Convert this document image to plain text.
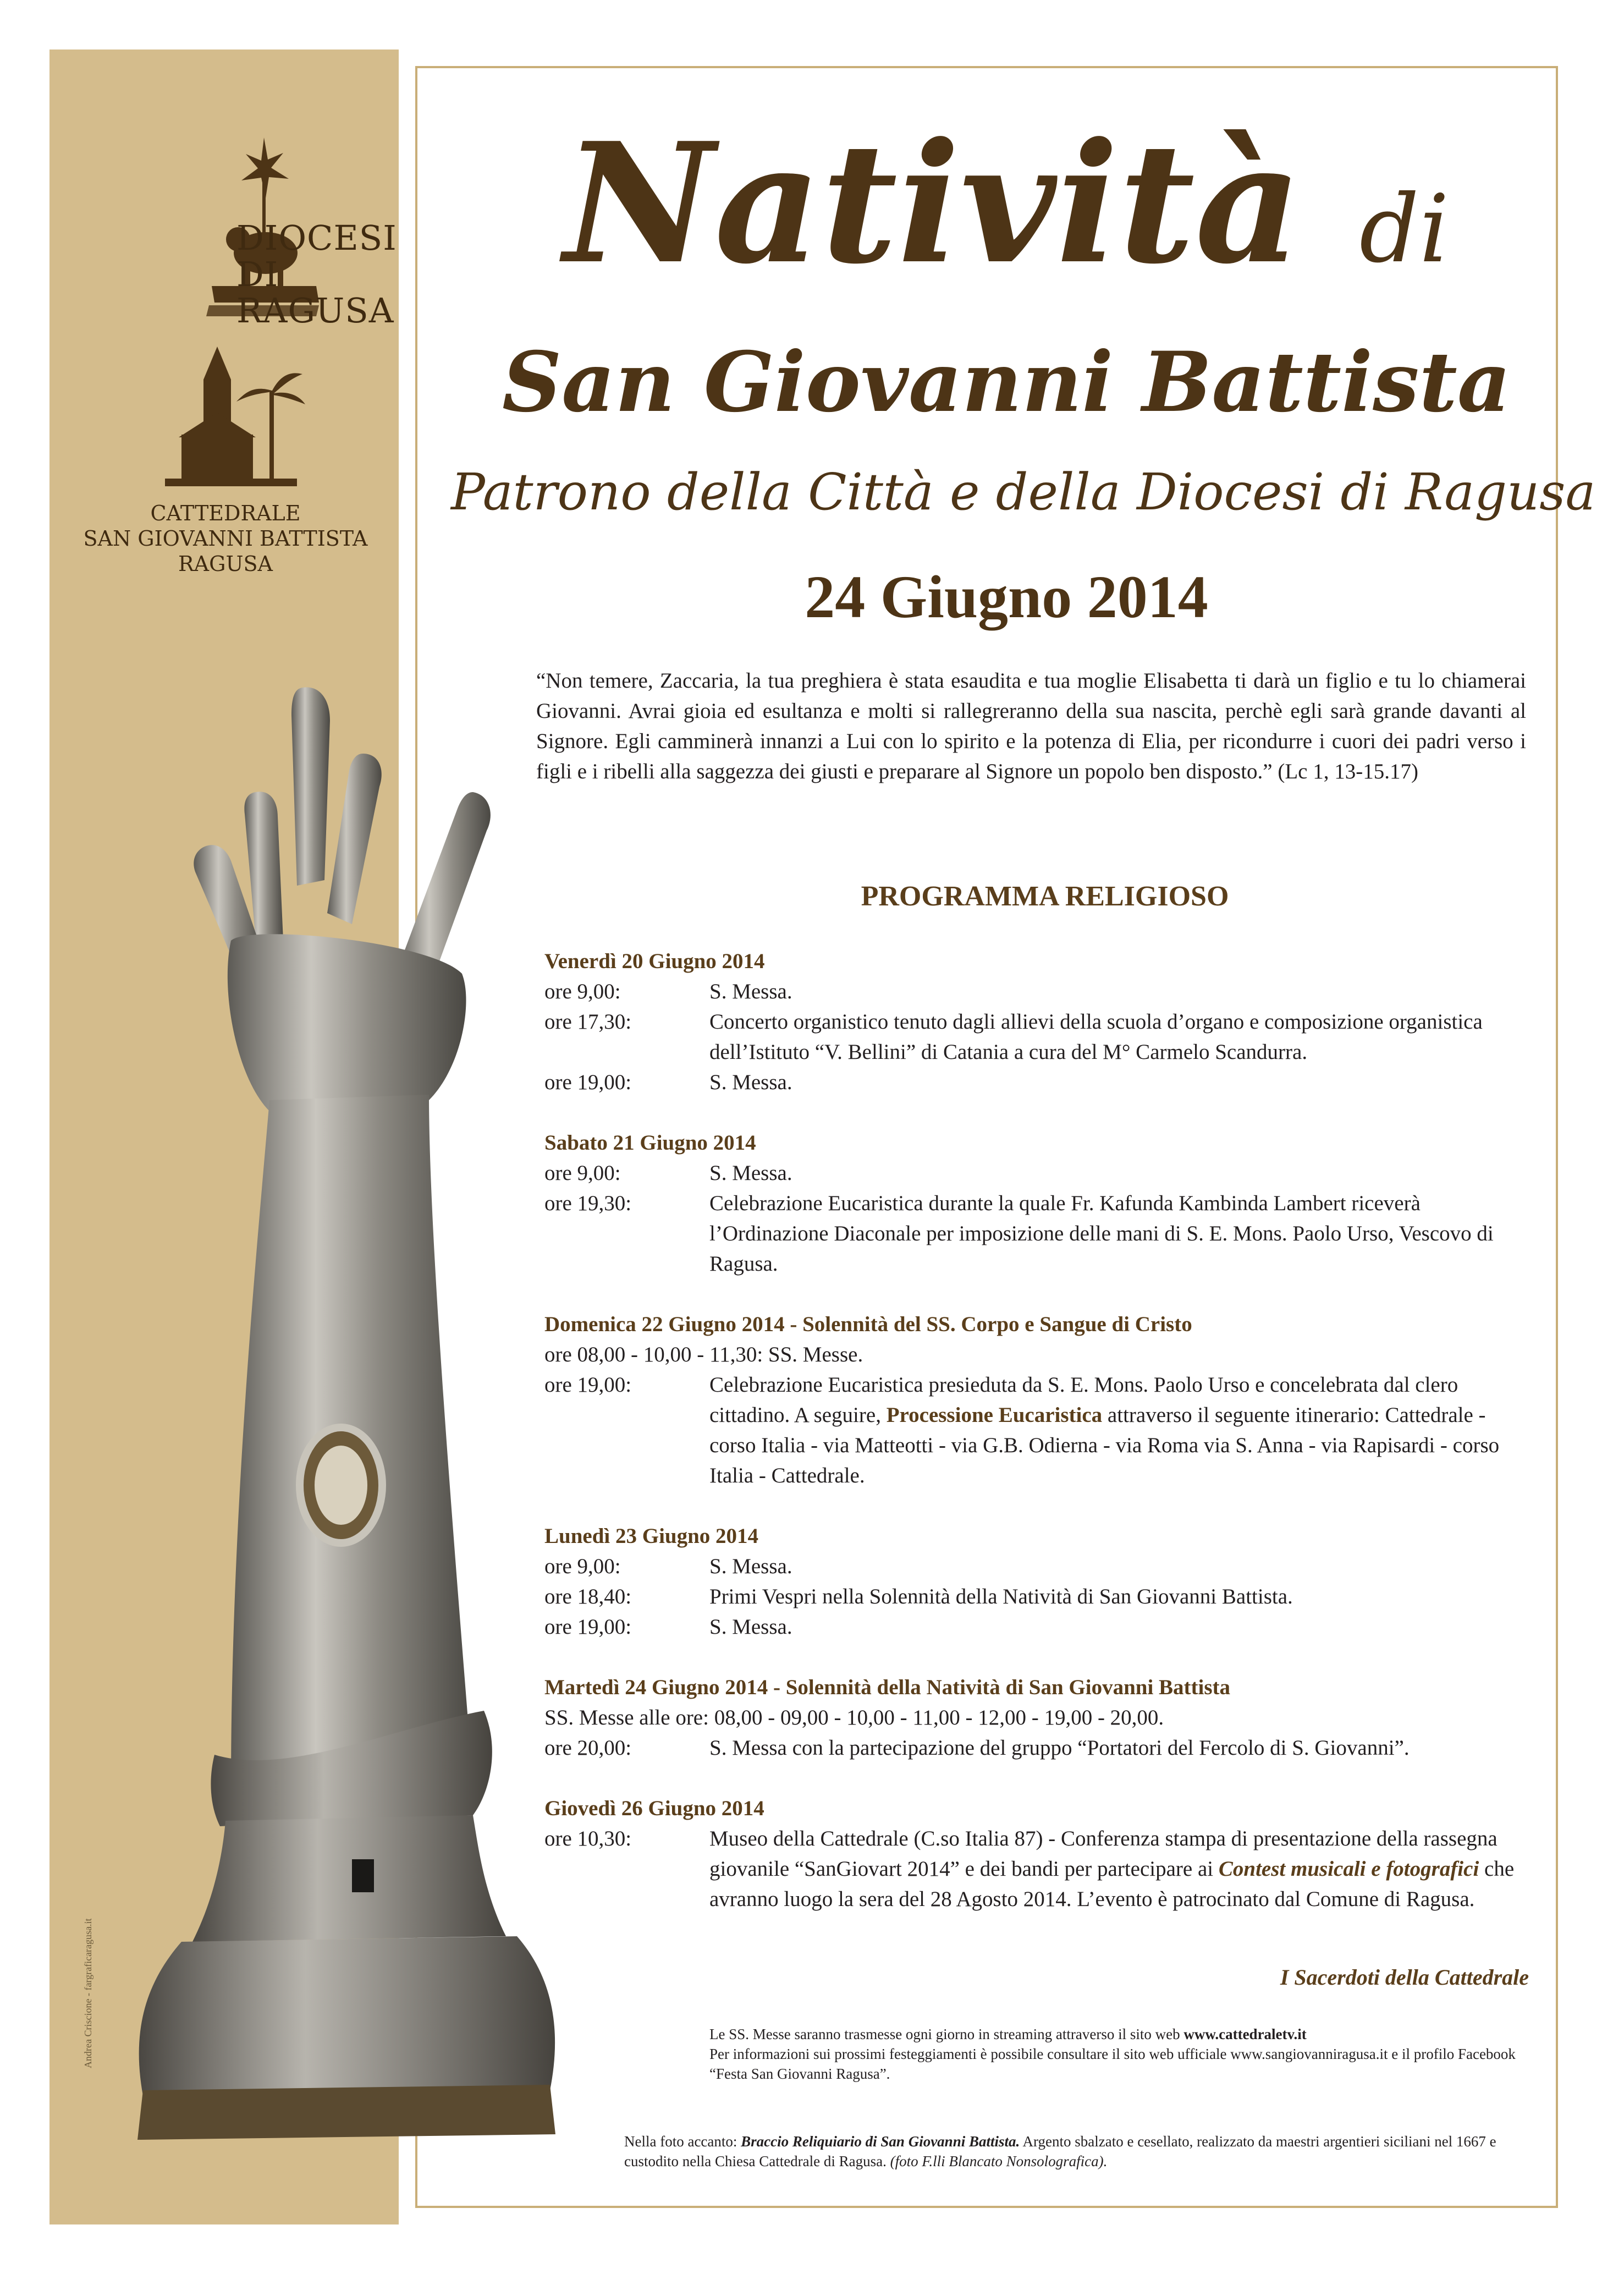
DIOCESI
DI RAGUSA
CATTEDRALE
SAN GIOVANNI BATTISTA
RAGUSA
Andrea Criscione - fargraficaragusa.it
Natività di
San Giovanni Battista
Patrono della Città e della Diocesi di Ragusa
24 Giugno 2014
“Non temere, Zaccaria, la tua preghiera è stata esaudita e tua moglie Elisabetta ti darà un figlio e tu lo chiamerai Giovanni. Avrai gioia ed esultanza e molti si rallegreranno della sua nascita, perchè egli sarà grande davanti al Signore. Egli camminerà innanzi a Lui con lo spirito e la potenza di Elia, per ricondurre i cuori dei padri verso i figli e i ribelli alla saggezza dei giusti e preparare al Signore un popolo ben disposto.” (Lc 1, 13-15.17)
PROGRAMMA RELIGIOSO
Venerdì 20 Giugno 2014
ore 9,00:	S. Messa.
ore 17,30:	Concerto organistico tenuto dagli allievi della scuola d’organo e composizione organistica dell’Istituto “V. Bellini” di Catania a cura del M° Carmelo Scandurra.
ore 19,00:	S. Messa.
Sabato 21 Giugno 2014
ore 9,00:	S. Messa.
ore 19,30:	Celebrazione Eucaristica durante la quale Fr. Kafunda Kambinda Lambert riceverà l’Ordinazione Diaconale per imposizione delle mani di S. E. Mons. Paolo Urso, Vescovo di Ragusa.
Domenica 22 Giugno 2014 - Solennità del SS. Corpo e Sangue di Cristo
ore 08,00 - 10,00 - 11,30: SS. Messe.
ore 19,00:	Celebrazione Eucaristica presieduta da S. E. Mons. Paolo Urso e concelebrata dal clero cittadino. A seguire, Processione Eucaristica attraverso il seguente itinerario: Cattedrale - corso Italia - via Matteotti - via G.B. Odierna - via Roma via S. Anna - via Rapisardi - corso Italia - Cattedrale.
Lunedì 23 Giugno 2014
ore 9,00:	S. Messa.
ore 18,40:	Primi Vespri nella Solennità della Natività di San Giovanni Battista.
ore 19,00:	S. Messa.
Martedì 24 Giugno 2014 - Solennità della Natività di San Giovanni Battista
SS. Messe alle ore: 08,00 - 09,00 - 10,00 - 11,00 - 12,00 - 19,00 - 20,00.
ore 20,00:	S. Messa con la partecipazione del gruppo “Portatori del Fercolo di S. Giovanni”.
Giovedì 26 Giugno 2014
ore 10,30:	Museo della Cattedrale (C.so Italia 87) - Conferenza stampa di presentazione della rassegna giovanile “SanGiovart 2014” e dei bandi per partecipare ai Contest musicali e fotografici che avranno luogo la sera del 28 Agosto 2014. L’evento è patrocinato dal Comune di Ragusa.
I Sacerdoti della Cattedrale
Le SS. Messe saranno trasmesse ogni giorno in streaming attraverso il sito web www.cattedraletv.it
Per informazioni sui prossimi festeggiamenti è possibile consultare il sito web ufficiale www.sangiovanniragusa.it e il profilo Facebook “Festa San Giovanni Ragusa”.
Nella foto accanto: Braccio Reliquiario di San Giovanni Battista. Argento sbalzato e cesellato, realizzato da maestri argentieri siciliani nel 1667 e custodito nella Chiesa Cattedrale di Ragusa. (foto F.lli Blancato Nonsolografica).
